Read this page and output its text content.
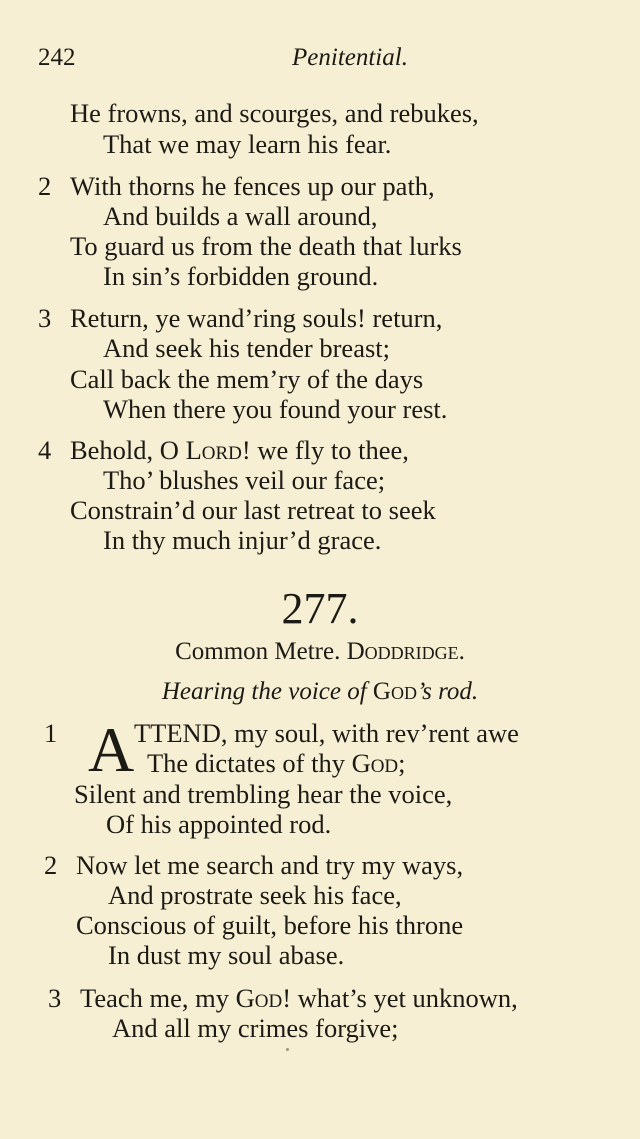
242	Penitential.
He frowns, and scourges, and rebukes,
That we may learn his fear.
2 With thorns he fences up our path,
And builds a wall around,
To guard us from the death that lurks
In sin’s forbidden ground.
3 Return, ye wand’ring souls! return,
And seek his tender breast;
Call back the mem’ry of the days
When there you found your rest.
4 Behold, O Lord! we fly to thee,
Tho’ blushes veil our face;
Constrain’d our last retreat to seek
In thy much injur’d grace.
277.
Common Metre. Doddridge.
Hearing the voice of God’s rod.
1 A TTEND, my soul, with rev’rent awe
The dictates of thy God;
Silent and trembling hear the voice,
Of his appointed rod.
2 Now let me search and try my ways,
And prostrate seek his face,
Conscious of guilt, before his throne
In dust my soul abase.
3 Teach me, my God! what’s yet unknown,
And all my crimes forgive;
